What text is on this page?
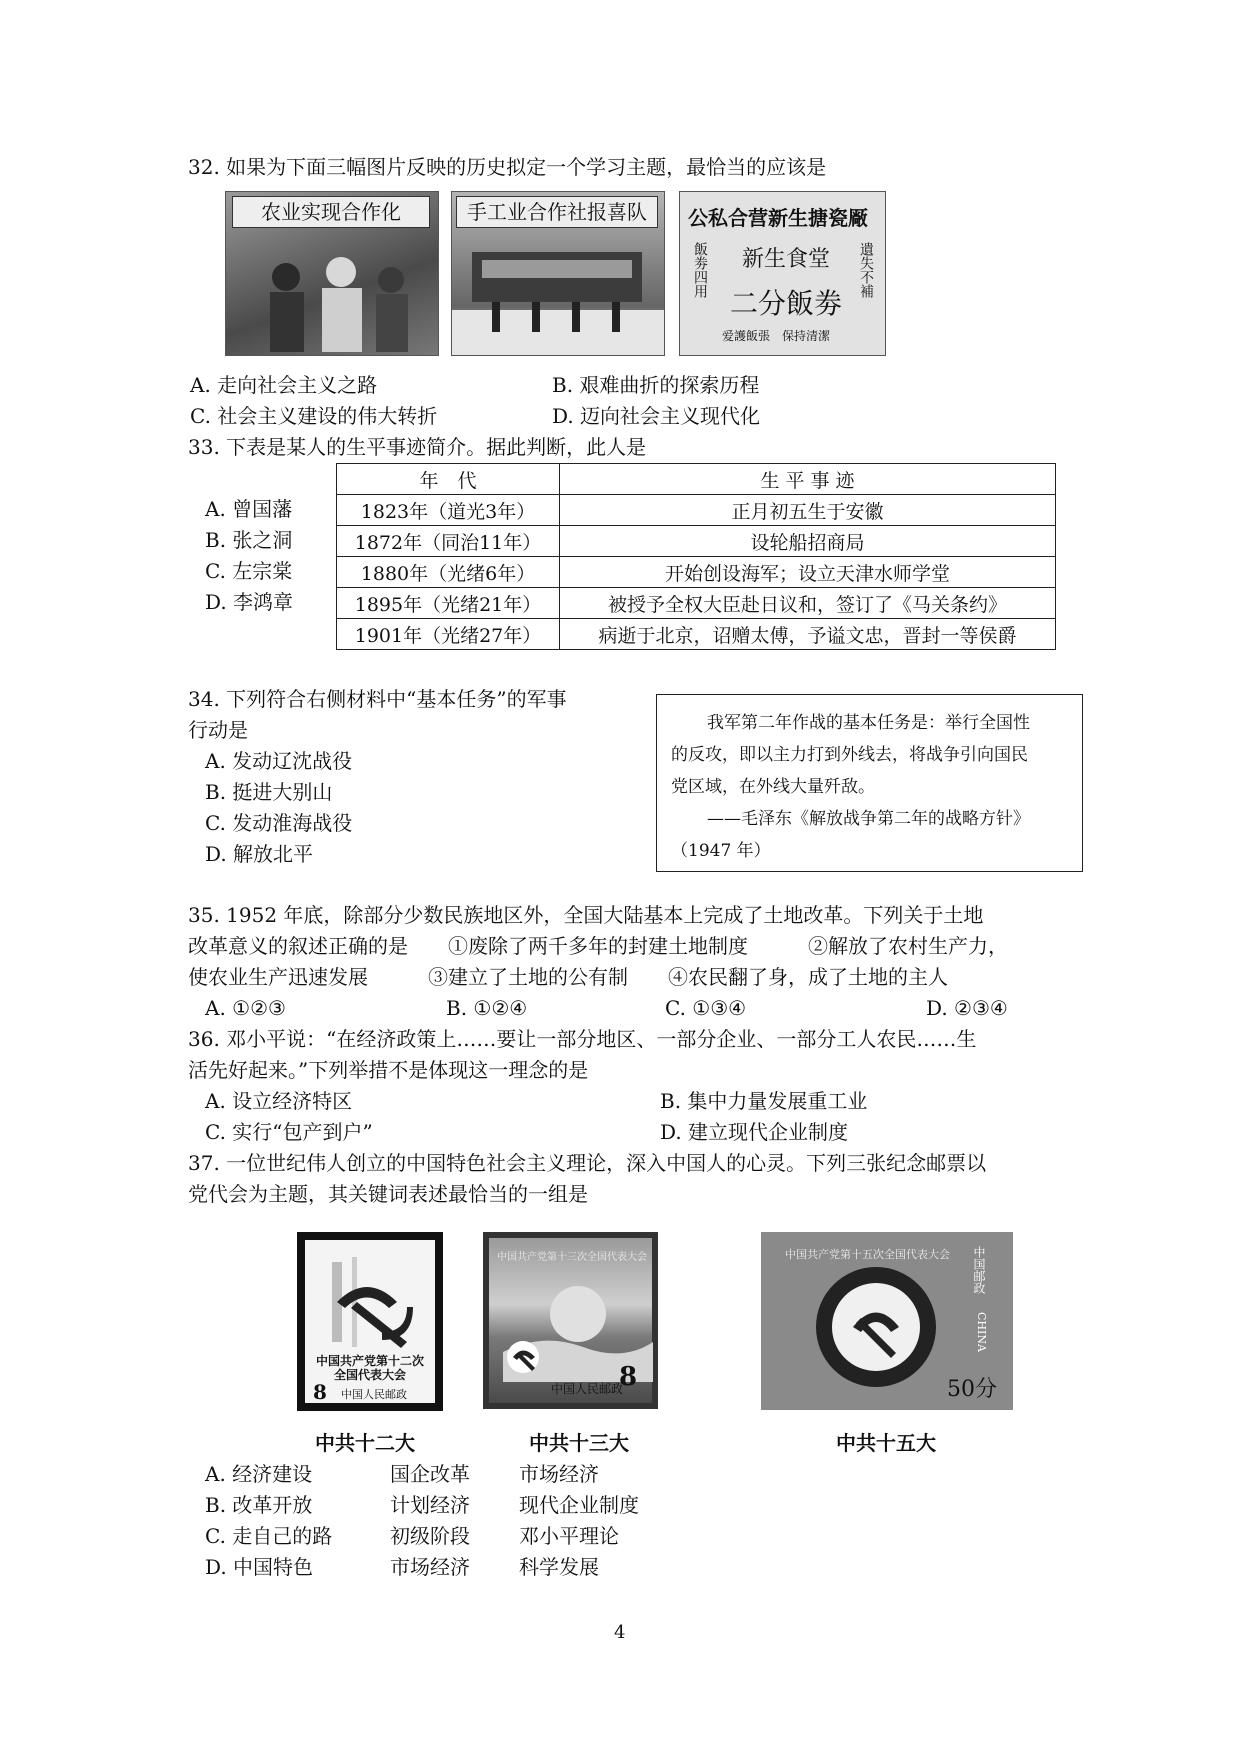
32. 如果为下面三幅图片反映的历史拟定一个学习主题，最恰当的应该是
农业实现合作化	手工业合作社报喜队	公私合营新生搪瓷厰
飯劵四用	遺失不補
新生食堂
二分飯劵
爱護飯張　保持清潔
A. 走向社会主义之路	B. 艰难曲折的探索历程
C. 社会主义建设的伟大转折	D. 迈向社会主义现代化
33. 下表是某人的生平事迹简介。据此判断，此人是
A. 曾国藩
B. 张之洞
C. 左宗棠
D. 李鸿章
年　代	生 平 事 迹
1823年（道光3年）	正月初五生于安徽
1872年（同治11年）	设轮船招商局
1880年（光绪6年）	开始创设海军；设立天津水师学堂
1895年（光绪21年）	被授予全权大臣赴日议和，签订了《马关条约》
1901年（光绪27年）	病逝于北京，诏赠太傅，予谥文忠，晋封一等侯爵
34. 下列符合右侧材料中“基本任务”的军事
行动是
A. 发动辽沈战役
B. 挺进大别山
C. 发动淮海战役
D. 解放北平
我军第二年作战的基本任务是：举行全国性
的反攻，即以主力打到外线去，将战争引向国民
党区域，在外线大量歼敌。
——毛泽东《解放战争第二年的战略方针》
（1947 年）
35. 1952 年底，除部分少数民族地区外，全国大陆基本上完成了土地改革。下列关于土地
改革意义的叙述正确的是　　①废除了两千多年的封建土地制度　　　②解放了农村生产力，
使农业生产迅速发展　　　③建立了土地的公有制　　④农民翻了身，成了土地的主人
A. ①②③	B. ①②④	C. ①③④	D. ②③④
36. 邓小平说：“在经济政策上……要让一部分地区、一部分企业、一部分工人农民……生
活先好起来。”下列举措不是体现这一理念的是
A. 设立经济特区	B. 集中力量发展重工业
C. 实行“包产到户”	D. 建立现代企业制度
37. 一位世纪伟人创立的中国特色社会主义理论，深入中国人的心灵。下列三张纪念邮票以
党代会为主题，其关键词表述最恰当的一组是
中国共产党第十二次全国代表大会
8 中国人民邮政
中国共产党第十三次全国代表大会
8
中国人民邮政
中国共产党第十五次全国代表大会 中国邮政
CHINA
50分
中共十二大	中共十三大	中共十五大
A. 经济建设	国企改革 市场经济
B. 改革开放	计划经济 现代企业制度
C. 走自己的路	初级阶段 邓小平理论
D. 中国特色	市场经济 科学发展
4
